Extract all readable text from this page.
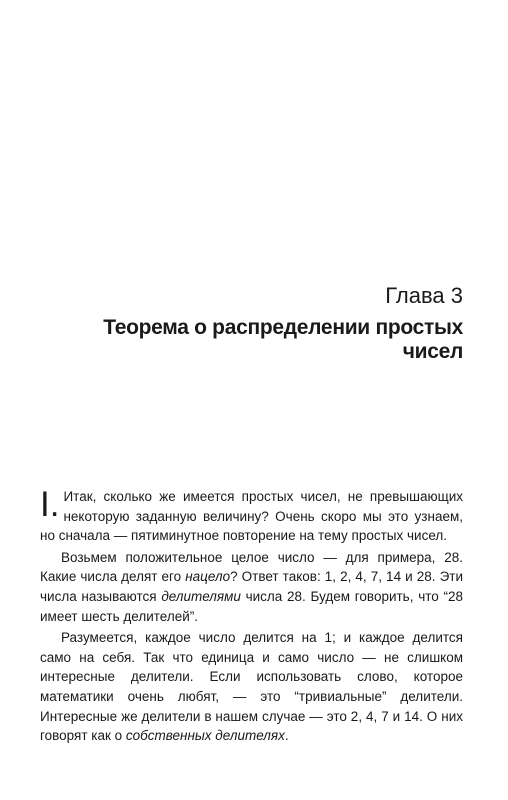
Глава 3
Теорема о распределении простых чисел

I. Итак, сколько же имеется простых чисел, не превышающих некоторую заданную величину? Очень скоро мы это узнаем, но сначала — пятиминутное повторение на тему простых чисел.

Возьмем положительное целое число — для примера, 28. Какие числа делят его нацело? Ответ таков: 1, 2, 4, 7, 14 и 28. Эти числа называются делителями числа 28. Будем говорить, что “28 имеет шесть делителей”.

Разумеется, каждое число делится на 1; и каждое делится само на себя. Так что единица и само число — не слишком интересные делители. Если использовать слово, которое математики очень любят, — это “тривиальные” делители. Интересные же делители в нашем случае — это 2, 4, 7 и 14. О них говорят как о собственных делителях.
